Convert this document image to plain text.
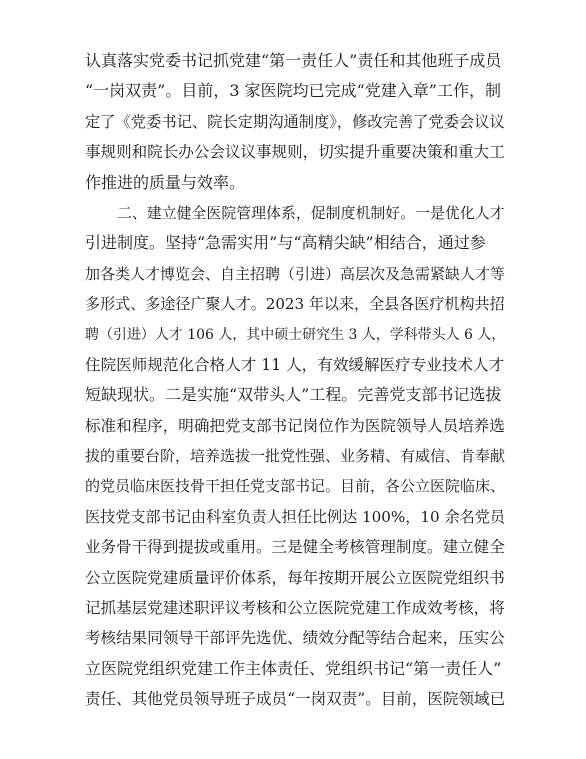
认真落实党委书记抓党建“第一责任人”责任和其他班子成员
“一岗双责”。目前，3 家医院均已完成“党建入章”工作，制
定了《党委书记、院长定期沟通制度》，修改完善了党委会议议
事规则和院长办公会议议事规则，切实提升重要决策和重大工
作推进的质量与效率。
二、建立健全医院管理体系，促制度机制好。一是优化人才
引进制度。坚持“急需实用”与“高精尖缺”相结合，通过参
加各类人才博览会、自主招聘（引进）高层次及急需紧缺人才等
多形式、多途径广聚人才。2023 年以来，全县各医疗机构共招
聘（引进）人才 106 人，其中硕士研究生 3 人，学科带头人 6 人，
住院医师规范化合格人才 11 人，有效缓解医疗专业技术人才
短缺现状。二是实施“双带头人”工程。完善党支部书记选拔
标准和程序，明确把党支部书记岗位作为医院领导人员培养选
拔的重要台阶，培养选拔一批党性强、业务精、有威信、肯奉献
的党员临床医技骨干担任党支部书记。目前，各公立医院临床、
医技党支部书记由科室负责人担任比例达 100%，10 余名党员
业务骨干得到提拔或重用。三是健全考核管理制度。建立健全
公立医院党建质量评价体系，每年按期开展公立医院党组织书
记抓基层党建述职评议考核和公立医院党建工作成效考核，将
考核结果同领导干部评先选优、绩效分配等结合起来，压实公
立医院党组织党建工作主体责任、党组织书记“第一责任人”
责任、其他党员领导班子成员“一岗双责”。目前，医院领域已
